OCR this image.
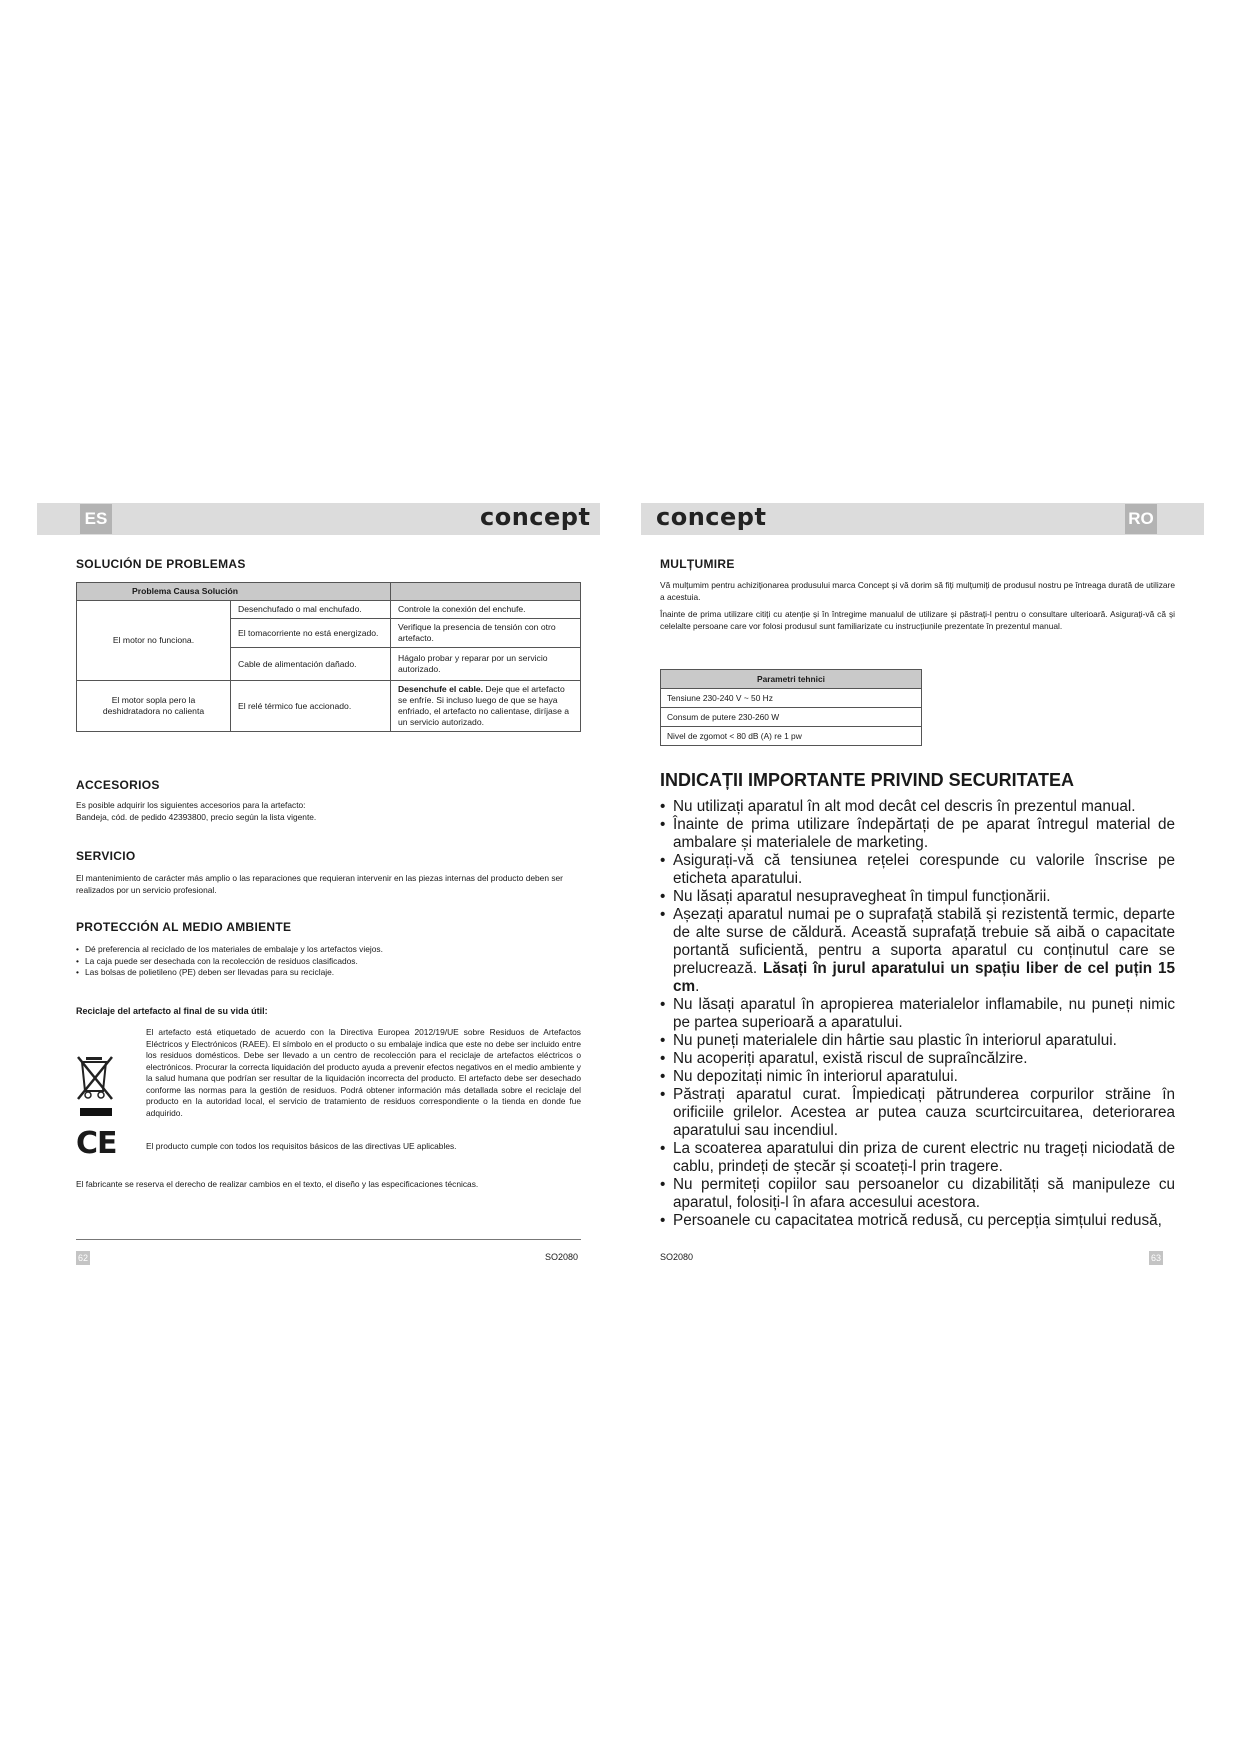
ES	RO
concept	concept
SOLUCIÓN DE PROBLEMAS
Problema Causa Solución		
El motor no funciona.	Desenchufado o mal enchufado.	Controle la conexión del enchufe.
	El tomacorriente no está energizado.	Verifique la presencia de tensión con otro artefacto.
	Cable de alimentación dañado.	Hágalo probar y reparar por un servicio autorizado.
El motor sopla pero la deshidratadora no calienta	El relé térmico fue accionado.	Desenchufe el cable. Deje que el artefacto se enfríe. Si incluso luego de que se haya enfriado, el artefacto no calientase, diríjase a un servicio autorizado.
ACCESORIOS
Es posible adquirir los siguientes accesorios para la artefacto:
Bandeja, cód. de pedido 42393800, precio según la lista vigente.
SERVICIO
El mantenimiento de carácter más amplio o las reparaciones que requieran intervenir en las piezas internas del producto deben ser realizados por un servicio profesional.
PROTECCIÓN AL MEDIO AMBIENTE
• Dé preferencia al reciclado de los materiales de embalaje y los artefactos viejos.
• La caja puede ser desechada con la recolección de residuos clasificados.
• Las bolsas de polietileno (PE) deben ser llevadas para su reciclaje.
Reciclaje del artefacto al final de su vida útil:
El artefacto está etiquetado de acuerdo con la Directiva Europea 2012/19/UE sobre Residuos de Artefactos Eléctricos y Electrónicos (RAEE). El símbolo en el producto o su embalaje indica que este no debe ser incluido entre los residuos domésticos. Debe ser llevado a un centro de recolección para el reciclaje de artefactos eléctricos o electrónicos. Procurar la correcta liquidación del producto ayuda a prevenir efectos negativos en el medio ambiente y la salud humana que podrían ser resultar de la liquidación incorrecta del producto. El artefacto debe ser desechado conforme las normas para la gestión de residuos. Podrá obtener información más detallada sobre el reciclaje del producto en la autoridad local, el servicio de tratamiento de residuos correspondiente o la tienda en donde fue adquirido.
CE	El producto cumple con todos los requisitos básicos de las directivas UE aplicables.
El fabricante se reserva el derecho de realizar cambios en el texto, el diseño y las especificaciones técnicas.
62	SO2080
MULȚUMIRE
Vă mulțumim pentru achiziționarea produsului marca Concept și vă dorim să fiți mulțumiți de produsul nostru pe întreaga durată de utilizare a acestuia.
Înainte de prima utilizare citiți cu atenție și în întregime manualul de utilizare și păstrați-l pentru o consultare ulterioară. Asigurați-vă că și celelalte persoane care vor folosi produsul sunt familiarizate cu instrucțiunile prezentate în prezentul manual.
Parametri tehnici
Tensiune 230-240 V ~ 50 Hz
Consum de putere 230-260 W
Nivel de zgomot < 80 dB (A) re 1 pw
INDICAȚII IMPORTANTE PRIVIND SECURITATEA
• Nu utilizați aparatul în alt mod decât cel descris în prezentul manual.
• Înainte de prima utilizare îndepărtați de pe aparat întregul material de ambalare și materialele de marketing.
• Asigurați-vă că tensiunea rețelei corespunde cu valorile înscrise pe eticheta aparatului.
• Nu lăsați aparatul nesupravegheat în timpul funcționării.
• Așezați aparatul numai pe o suprafață stabilă și rezistentă termic, departe de alte surse de căldură. Această suprafață trebuie să aibă o capacitate portantă suficientă, pentru a suporta aparatul cu conținutul care se prelucrează. Lăsați în jurul aparatului un spațiu liber de cel puțin 15 cm.
• Nu lăsați aparatul în apropierea materialelor inflamabile, nu puneți nimic pe partea superioară a aparatului.
• Nu puneți materialele din hârtie sau plastic în interiorul aparatului.
• Nu acoperiți aparatul, există riscul de supraîncălzire.
• Nu depozitați nimic în interiorul aparatului.
• Păstrați aparatul curat. Împiedicați pătrunderea corpurilor străine în orificiile grilelor. Acestea ar putea cauza scurtcircuitarea, deteriorarea aparatului sau incendiul.
• La scoaterea aparatului din priza de curent electric nu trageți niciodată de cablu, prindeți de ștecăr și scoateți-l prin tragere.
• Nu permiteți copiilor sau persoanelor cu dizabilități să manipuleze cu aparatul, folosiți-l în afara accesului acestora.
• Persoanele cu capacitatea motrică redusă, cu percepția simțului redusă,
SO2080	63
